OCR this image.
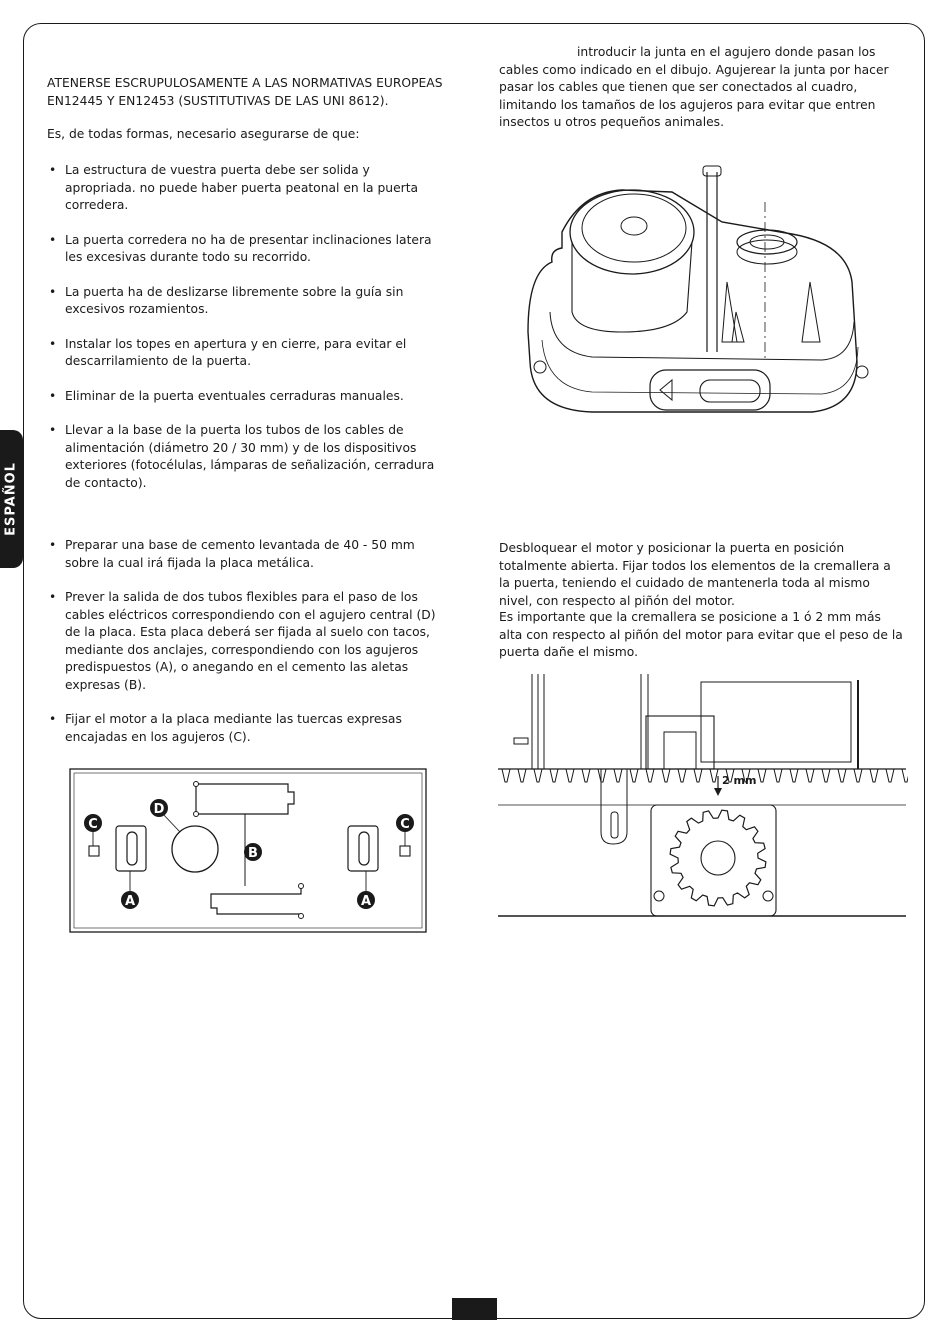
ESPAÑOL

ATENERSE ESCRUPULOSAMENTE A LAS NORMATIVAS EUROPEAS EN12445 Y EN12453 (SUSTITUTIVAS DE LAS UNI 8612).

Es, de todas formas, necesario asegurarse de que:

• La estructura de vuestra puerta debe ser solida y apropriada. no puede haber puerta peatonal en la puerta corredera.
• La puerta corredera no ha de presentar inclinaciones latera les excesivas durante todo su recorrido.
• La puerta ha de deslizarse libremente sobre la guía sin excesivos rozamientos.
• Instalar los topes en apertura y en cierre, para evitar el descarrilamiento de la puerta.
• Eliminar de la puerta eventuales cerraduras manuales.
• Llevar a la base de la puerta los tubos de los cables de alimentación (diámetro 20 / 30 mm) y de los dispositivos exteriores (fotocélulas, lámparas de señalización, cerradura de contacto).
• Preparar una base de cemento levantada de 40 - 50 mm sobre la cual irá fijada la placa metálica.
• Prever la salida de dos tubos flexibles para el paso de los cables eléctricos correspondiendo con el agujero central (D) de la placa. Esta placa deberá ser fijada al suelo con tacos, mediante dos anclajes, correspondiendo con los agujeros predispuestos (A), o anegando en el cemento las aletas expresas (B).
• Fijar el motor a la placa mediante las tuercas expresas encajadas en los agujeros (C).
D
C	C
B
A	A

introducir la junta en el agujero donde pasan los cables como indicado en el dibujo. Agujerear la junta por hacer pasar los cables que tienen que ser conectados al cuadro, limitando los tamaños de los agujeros para evitar que entren insectos u otros pequeños animales.

Desbloquear el motor y posicionar la puerta en posición totalmente abierta. Fijar todos los elementos de la cremallera a la puerta, teniendo el cuidado de mantenerla toda al mismo nivel, con respecto al piñón del motor.

Es importante que la cremallera se posicione a 1 ó 2 mm más alta con respecto al piñón del motor para evitar que el peso de la puerta dañe el mismo.

2 mm
